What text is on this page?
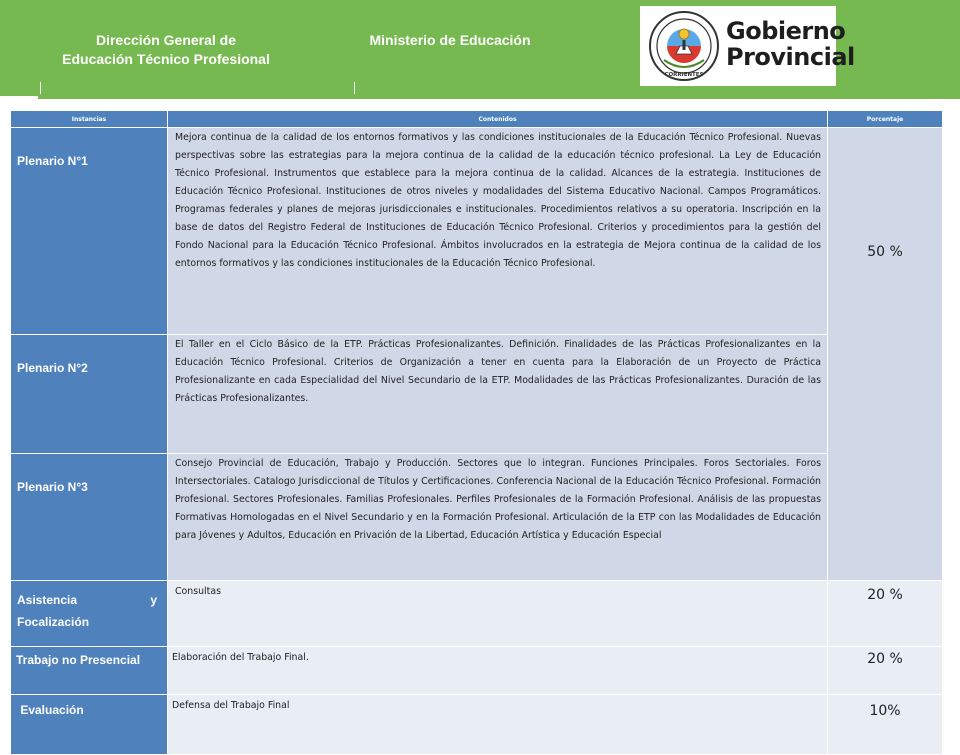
Dirección General de
Educación Técnico Profesional
Ministerio de Educación
CORRIENTES
Gobierno
Provincial
Instancias	Contenidos	Porcentaje

Plenario N°1	Mejora continua de la calidad de los entornos formativos y las condiciones institucionales de la Educación Técnico Profesional. Nuevas perspectivas sobre las estrategias para la mejora continua de la calidad de la educación técnico profesional. La Ley de Educación Técnico Profesional. Instrumentos que establece para la mejora continua de la calidad. Alcances de la estrategia. Instituciones de Educación Técnico Profesional. Instituciones de otros niveles y modalidades del Sistema Educativo Nacional. Campos Programáticos. Programas federales y planes de mejoras jurisdiccionales e institucionales. Procedimientos relativos a su operatoria. Inscripción en la base de datos del Registro Federal de Instituciones de Educación Técnico Profesional. Criterios y procedimientos para la gestión del Fondo Nacional para la Educación Técnico Profesional. Ámbitos involucrados en la estrategia de Mejora continua de la calidad de los entornos formativos y las condiciones institucionales de la Educación Técnico Profesional.	50 %

Plenario N°2	El Taller en el Ciclo Básico de la ETP. Prácticas Profesionalizantes. Definición. Finalidades de las Prácticas Profesionalizantes en la Educación Técnico Profesional. Criterios de Organización a tener en cuenta para la Elaboración de un Proyecto de Práctica Profesionalizante en cada Especialidad del Nivel Secundario de la ETP. Modalidades de las Prácticas Profesionalizantes. Duración de las Prácticas Profesionalizantes.	

Plenario N°3	Consejo Provincial de Educación, Trabajo y Producción. Sectores que lo integran. Funciones Principales. Foros Sectoriales. Foros Intersectoriales. Catalogo Jurisdiccional de Títulos y Certificaciones. Conferencia Nacional de la Educación Técnico Profesional. Formación Profesional. Sectores Profesionales. Familias Profesionales. Perfiles Profesionales de la Formación Profesional. Análisis de las propuestas Formativas Homologadas en el Nivel Secundario y en la Formación Profesional. Articulación de la ETP con las Modalidades de Educación para Jóvenes y Adultos, Educación en Privación de la Libertad, Educación Artística y Educación Especial	

Asistencia y Focalización	Consultas	20 %

Trabajo no Presencial	Elaboración del Trabajo Final.	20 %

Evaluación	Defensa del Trabajo Final	10%
